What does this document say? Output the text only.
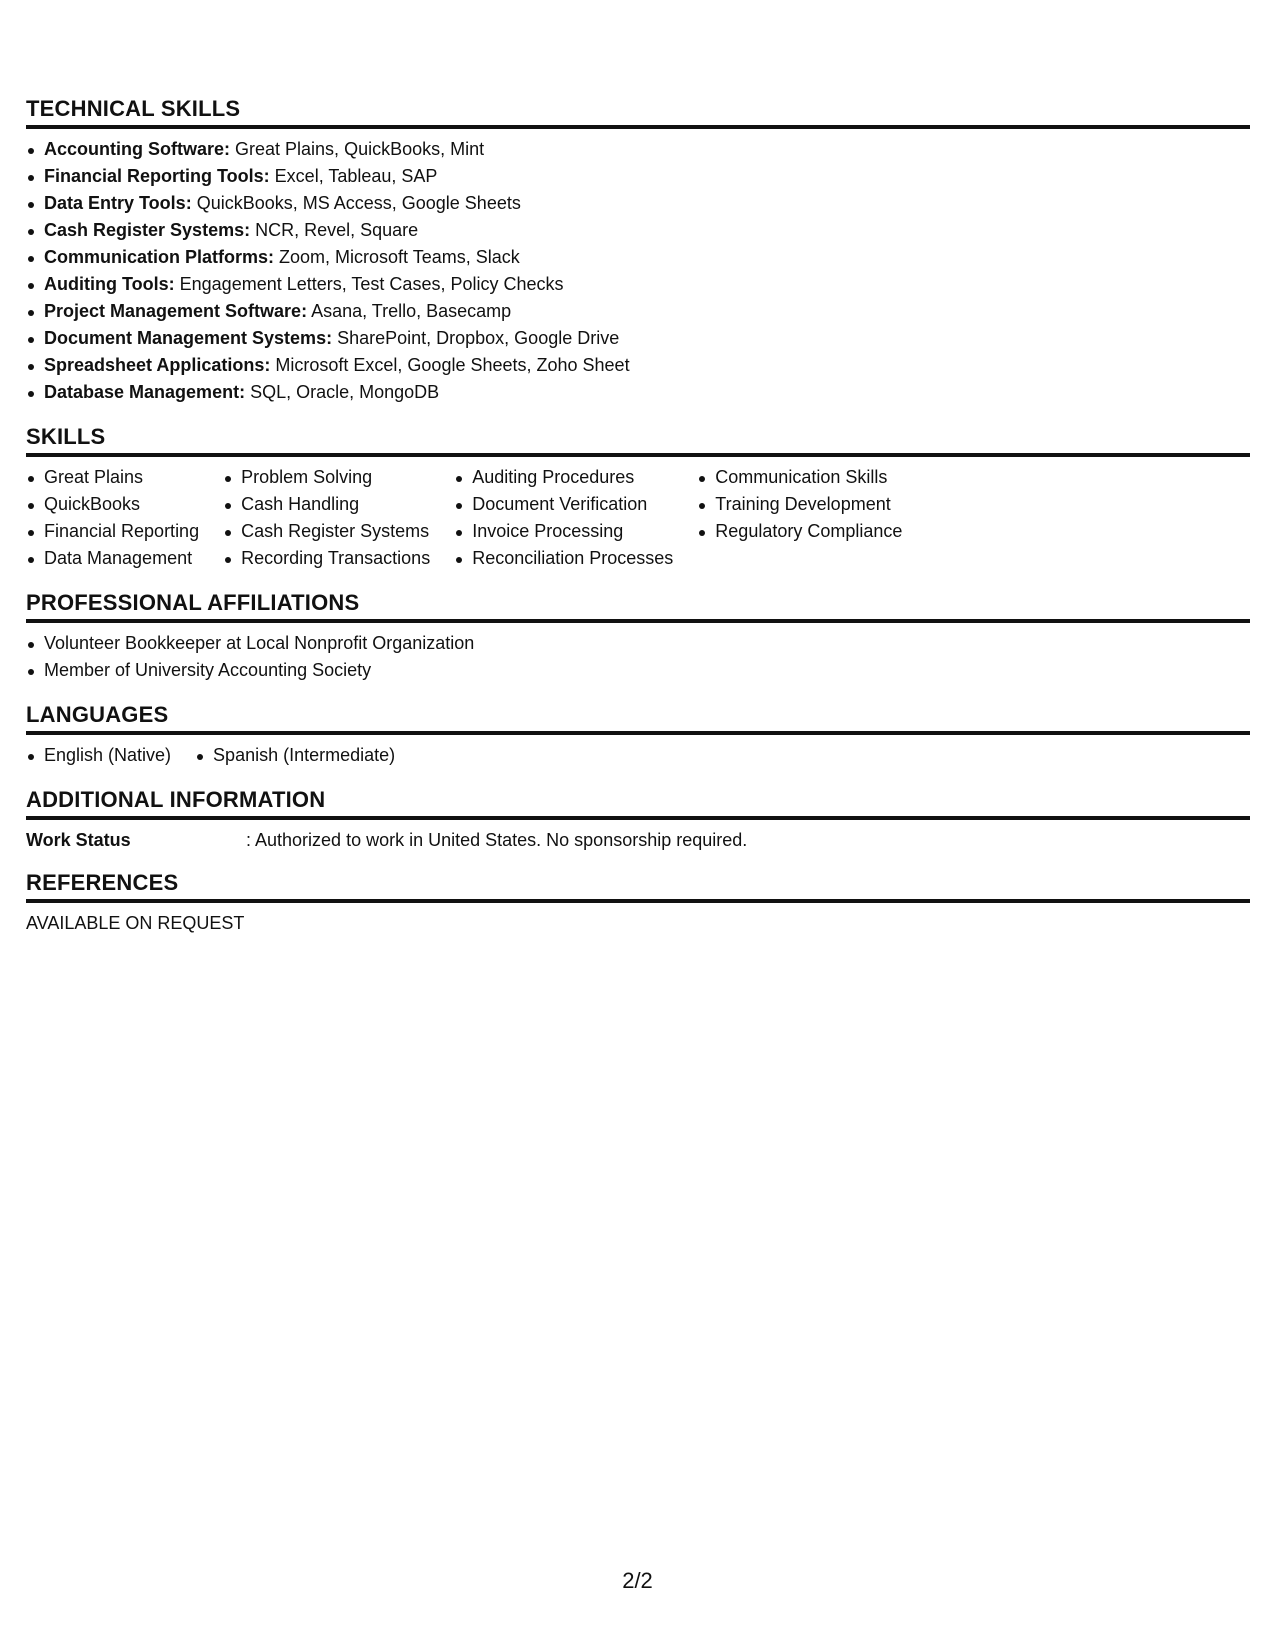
TECHNICAL SKILLS
Accounting Software: Great Plains, QuickBooks, Mint
Financial Reporting Tools: Excel, Tableau, SAP
Data Entry Tools: QuickBooks, MS Access, Google Sheets
Cash Register Systems: NCR, Revel, Square
Communication Platforms: Zoom, Microsoft Teams, Slack
Auditing Tools: Engagement Letters, Test Cases, Policy Checks
Project Management Software: Asana, Trello, Basecamp
Document Management Systems: SharePoint, Dropbox, Google Drive
Spreadsheet Applications: Microsoft Excel, Google Sheets, Zoho Sheet
Database Management: SQL, Oracle, MongoDB
SKILLS
Great Plains
QuickBooks
Financial Reporting
Data Management
Problem Solving
Cash Handling
Cash Register Systems
Recording Transactions
Auditing Procedures
Document Verification
Invoice Processing
Reconciliation Processes
Communication Skills
Training Development
Regulatory Compliance
PROFESSIONAL AFFILIATIONS
Volunteer Bookkeeper at Local Nonprofit Organization
Member of University Accounting Society
LANGUAGES
English (Native)	Spanish (Intermediate)
ADDITIONAL INFORMATION
Work Status	: Authorized to work in United States. No sponsorship required.
REFERENCES
AVAILABLE ON REQUEST
2/2
